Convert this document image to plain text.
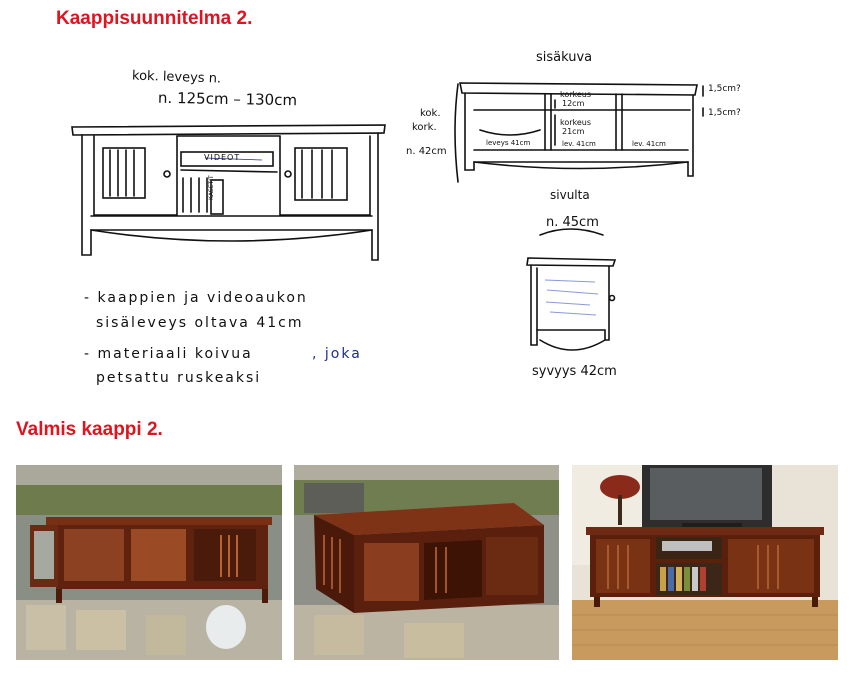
Kaappisuunnitelma 2.
kok. leveys n.
n. 125cm – 130cm
VIDEOT
KASETIT
- kaappien ja videoaukon
sisäleveys oltava 41cm
- materiaali koivua	, joka
petsattu ruskeaksi
sisäkuva
kok.
kork.
n. 42cm
korkeus
12cm
korkeus
21cm
leveys 41cm	lev. 41cm	lev. 41cm
1,5cm?
1,5cm?
sivulta
n. 45cm
syvyys 42cm
Valmis kaappi 2.
